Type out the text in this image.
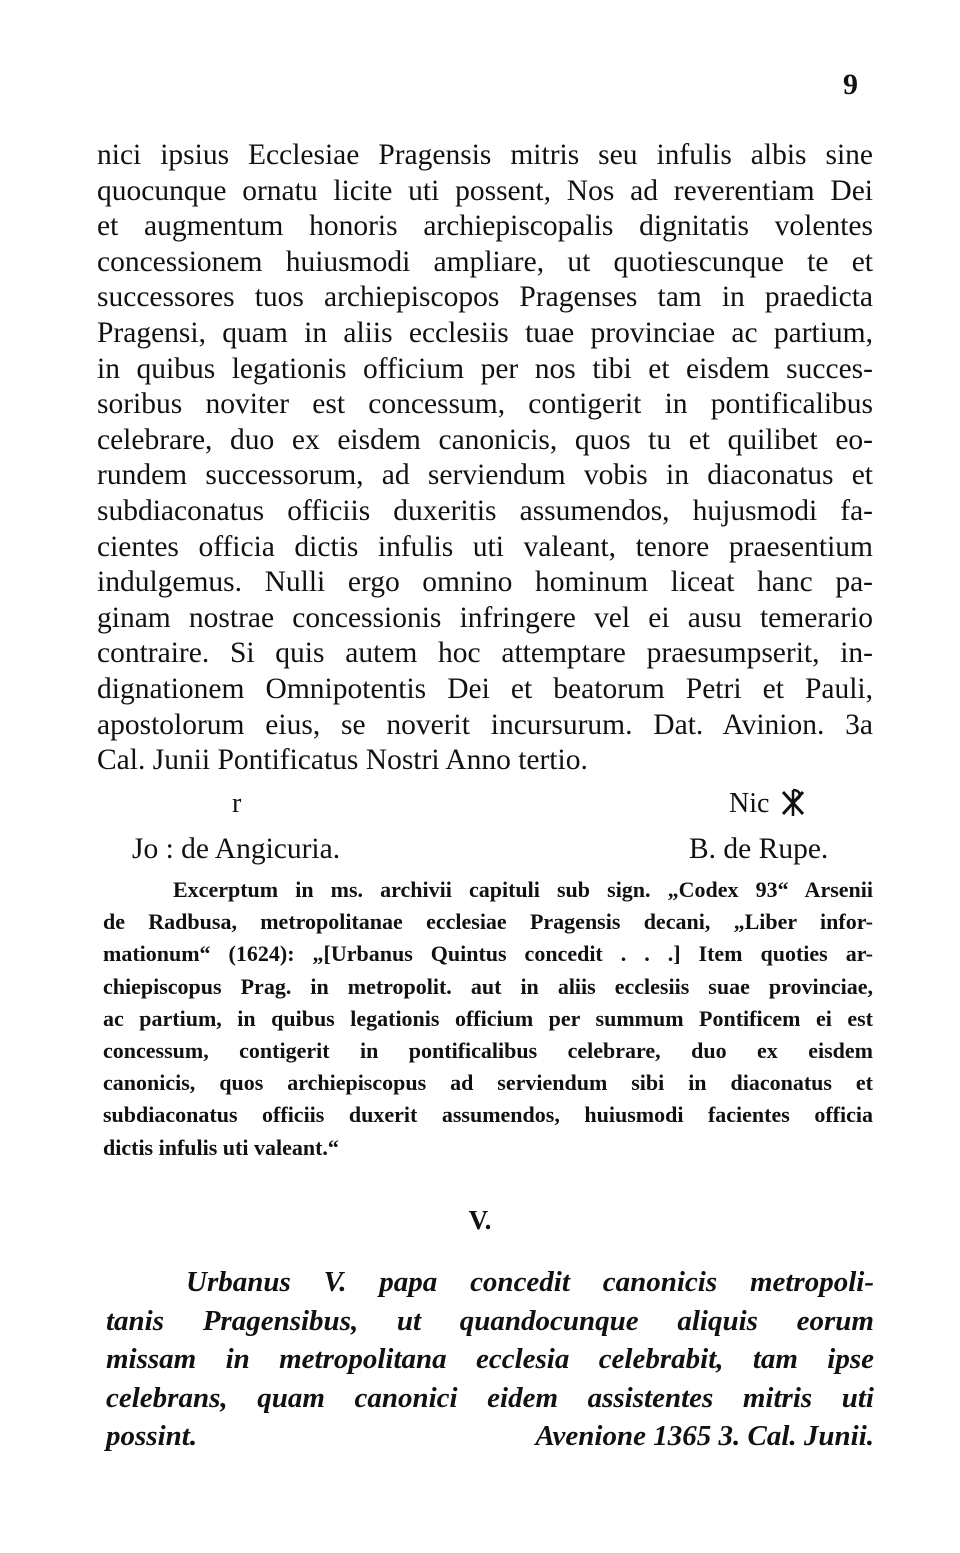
9
nici ipsius Ecclesiae Pragensis mitris seu infulis albis sine
quocunque ornatu licite uti possent, Nos ad reverentiam Dei
et augmentum honoris archiepiscopalis dignitatis volentes
concessionem huiusmodi ampliare, ut quotiescunque te et
successores tuos archiepiscopos Pragenses tam in praedicta
Pragensi, quam in aliis ecclesiis tuae provinciae ac partium,
in quibus legationis officium per nos tibi et eisdem succes-
soribus noviter est concessum, contigerit in pontificalibus
celebrare, duo ex eisdem canonicis, quos tu et quilibet eo-
rundem successorum, ad serviendum vobis in diaconatus et
subdiaconatus officiis duxeritis assumendos, hujusmodi fa-
cientes officia dictis infulis uti valeant, tenore praesentium
indulgemus. Nulli ergo omnino hominum liceat hanc pa-
ginam nostrae concessionis infringere vel ei ausu temerario
contraire. Si quis autem hoc attemptare praesumpserit, in-
dignationem Omnipotentis Dei et beatorum Petri et Pauli,
apostolorum eius, se noverit incursurum. Dat. Avinion. 3a
Cal. Junii Pontificatus Nostri Anno tertio.
r	Nic
Jo : de Angicuria.	B. de Rupe.
Excerptum in ms. archivii capituli sub sign. „Codex 93“ Arsenii
de Radbusa, metropolitanae ecclesiae Pragensis decani, „Liber infor-
mationum“ (1624): „[Urbanus Quintus concedit . . .] Item quoties ar-
chiepiscopus Prag. in metropolit. aut in aliis ecclesiis suae provinciae,
ac partium, in quibus legationis officium per summum Pontificem ei est
concessum, contigerit in pontificalibus celebrare, duo ex eisdem
canonicis, quos archiepiscopus ad serviendum sibi in diaconatus et
subdiaconatus officiis duxerit assumendos, huiusmodi facientes officia
dictis infulis uti valeant.“
V.
Urbanus V. papa concedit canonicis metropoli-
tanis Pragensibus, ut quandocunque aliquis eorum
missam in metropolitana ecclesia celebrabit, tam ipse
celebrans, quam canonici eidem assistentes mitris uti
possint.	Avenione 1365 3. Cal. Junii.
